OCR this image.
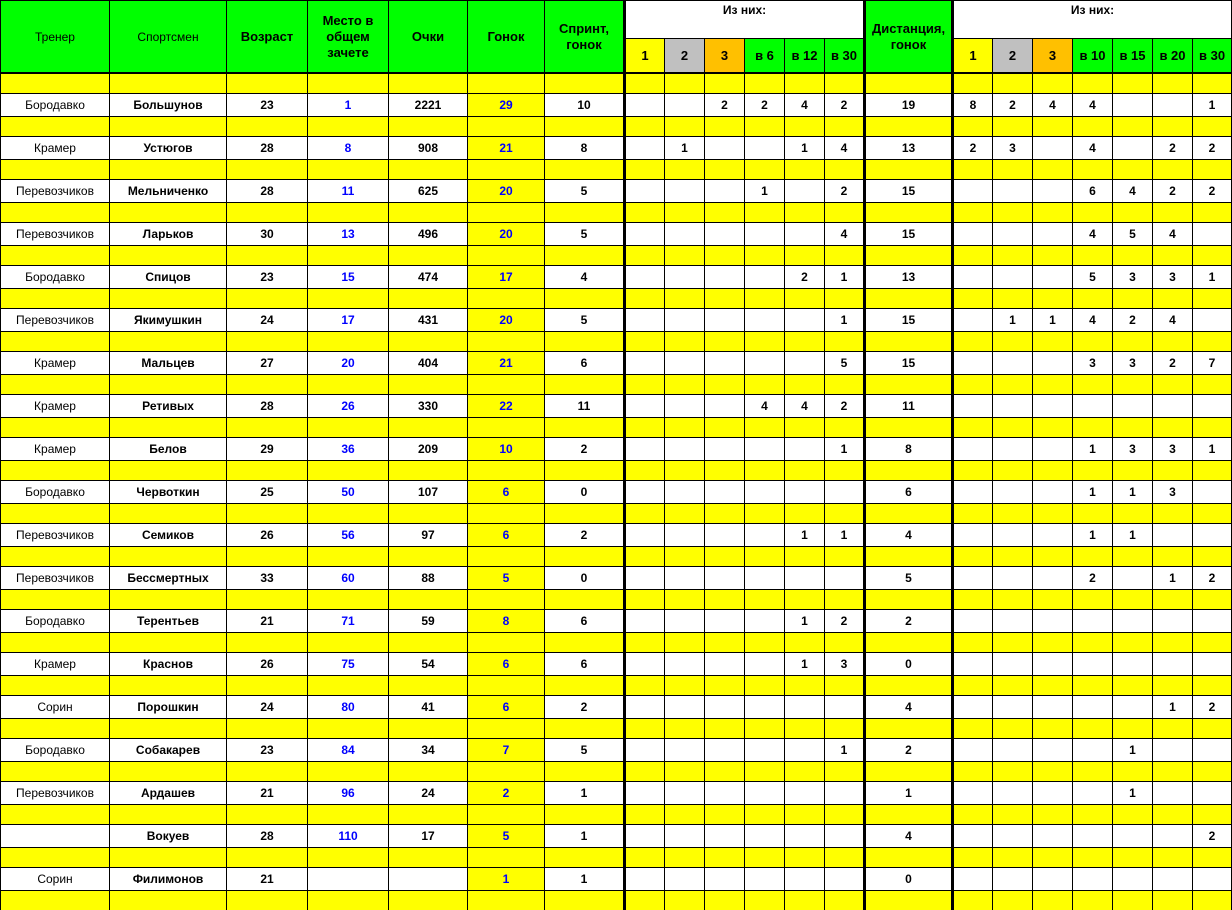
Тренер	Спортсмен	Возраст	Место в общем зачете	Очки	Гонок	Спринт, гонок	Из них:						Дистанция, гонок	Из них:						
							1	2	3	в 6	в 12	в 30		1	2	3	в 10	в 15	в 20	в 30

Бородавко	Большунов	23	1	2221	29	10			2	2	4	2	19	8	2	4	4			1

Крамер	Устюгов	28	8	908	21	8		1			1	4	13	2	3		4		2	2

Перевозчиков	Мельниченко	28	11	625	20	5				1		2	15				6	4	2	2

Перевозчиков	Ларьков	30	13	496	20	5						4	15				4	5	4	

Бородавко	Спицов	23	15	474	17	4					2	1	13				5	3	3	1

Перевозчиков	Якимушкин	24	17	431	20	5						1	15		1	1	4	2	4	

Крамер	Мальцев	27	20	404	21	6						5	15				3	3	2	7

Крамер	Ретивых	28	26	330	22	11				4	4	2	11							

Крамер	Белов	29	36	209	10	2						1	8				1	3	3	1

Бородавко	Червоткин	25	50	107	6	0							6				1	1	3	

Перевозчиков	Семиков	26	56	97	6	2					1	1	4				1	1		

Перевозчиков	Бессмертных	33	60	88	5	0							5				2		1	2

Бородавко	Терентьев	21	71	59	8	6					1	2	2							

Крамер	Краснов	26	75	54	6	6					1	3	0							

Сорин	Порошкин	24	80	41	6	2							4						1	2

Бородавко	Собакарев	23	84	34	7	5						1	2					1		

Перевозчиков	Ардашев	21	96	24	2	1							1					1		

	Вокуев	28	110	17	5	1							4							2

Сорин	Филимонов	21			1	1							0							
